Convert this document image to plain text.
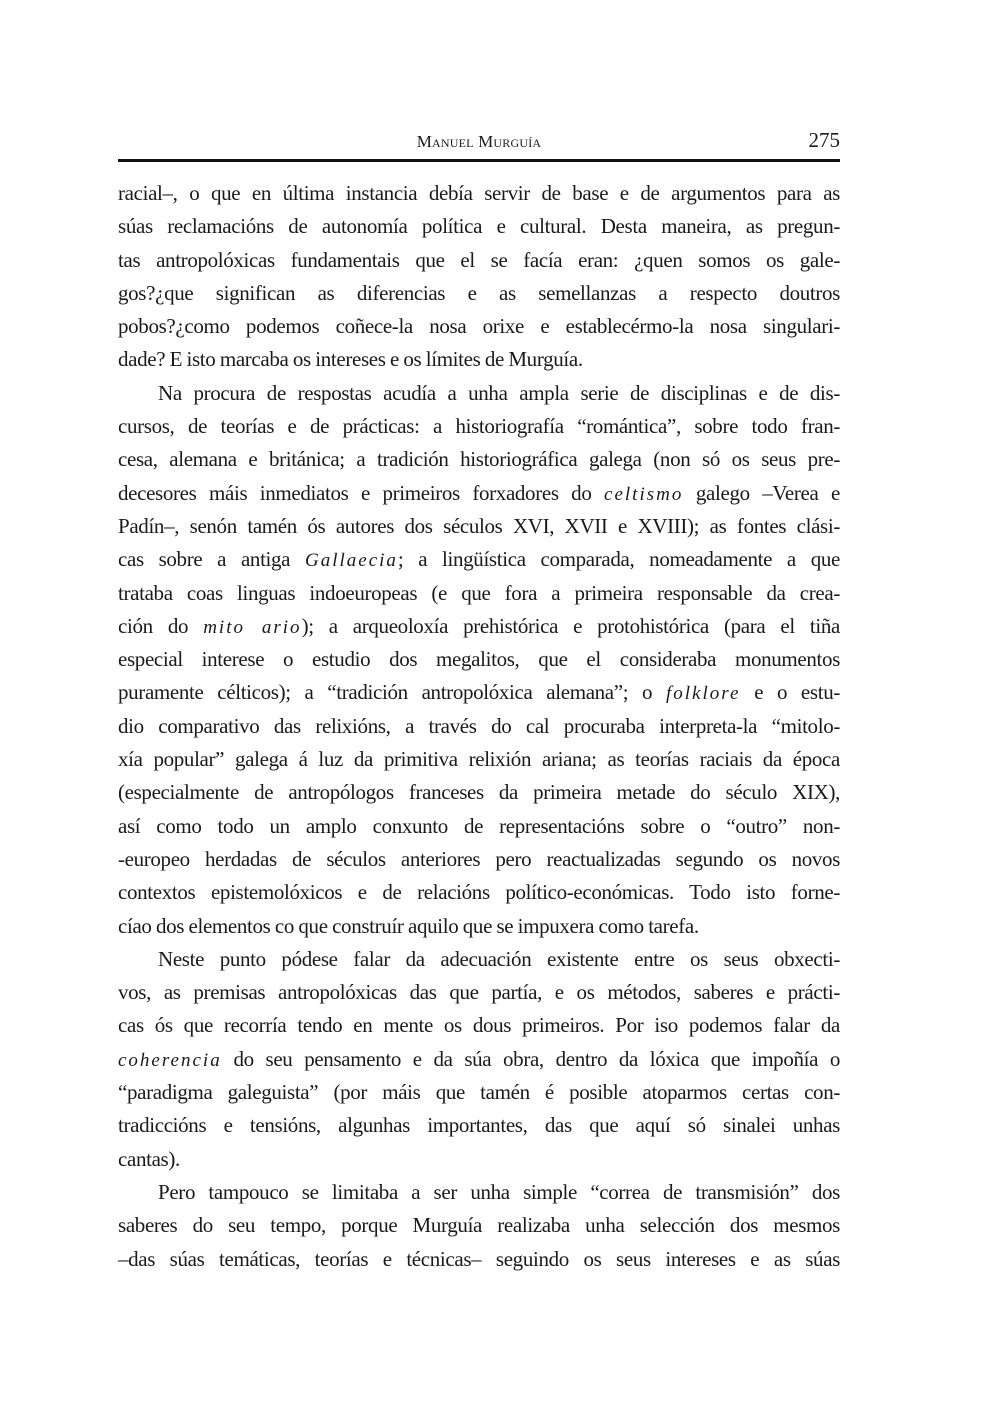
Manuel Murguía	275
racial–, o que en última instancia debía servir de base e de argumentos para as
súas reclamacións de autonomía política e cultural. Desta maneira, as pregun-
tas antropolóxicas fundamentais que el se facía eran: ¿quen somos os gale-
gos?¿que significan as diferencias e as semellanzas a respecto doutros
pobos?¿como podemos coñece-la nosa orixe e establecérmo-la nosa singulari-
dade? E isto marcaba os intereses e os límites de Murguía.
Na procura de respostas acudía a unha ampla serie de disciplinas e de dis-
cursos, de teorías e de prácticas: a historiografía “romántica”, sobre todo fran-
cesa, alemana e británica; a tradición historiográfica galega (non só os seus pre-
decesores máis inmediatos e primeiros forxadores do celtismo galego –Verea e
Padín–, senón tamén ós autores dos séculos XVI, XVII e XVIII); as fontes clási-
cas sobre a antiga Gallaecia; a lingüística comparada, nomeadamente a que
trataba coas linguas indoeuropeas (e que fora a primeira responsable da crea-
ción do mito ario); a arqueoloxía prehistórica e protohistórica (para el tiña
especial interese o estudio dos megalitos, que el consideraba monumentos
puramente célticos); a “tradición antropolóxica alemana”; o folklore e o estu-
dio comparativo das relixións, a través do cal procuraba interpreta-la “mitolo-
xía popular” galega á luz da primitiva relixión ariana; as teorías raciais da época
(especialmente de antropólogos franceses da primeira metade do século XIX),
así como todo un amplo conxunto de representacións sobre o “outro” non-
-europeo herdadas de séculos anteriores pero reactualizadas segundo os novos
contextos epistemolóxicos e de relacións político-económicas. Todo isto forne-
cíao dos elementos co que construír aquilo que se impuxera como tarefa.
Neste punto pódese falar da adecuación existente entre os seus obxecti-
vos, as premisas antropolóxicas das que partía, e os métodos, saberes e prácti-
cas ós que recorría tendo en mente os dous primeiros. Por iso podemos falar da
coherencia do seu pensamento e da súa obra, dentro da lóxica que impoñía o
“paradigma galeguista” (por máis que tamén é posible atoparmos certas con-
tradiccións e tensións, algunhas importantes, das que aquí só sinalei unhas
cantas).
Pero tampouco se limitaba a ser unha simple “correa de transmisión” dos
saberes do seu tempo, porque Murguía realizaba unha selección dos mesmos
–das súas temáticas, teorías e técnicas– seguindo os seus intereses e as súas
